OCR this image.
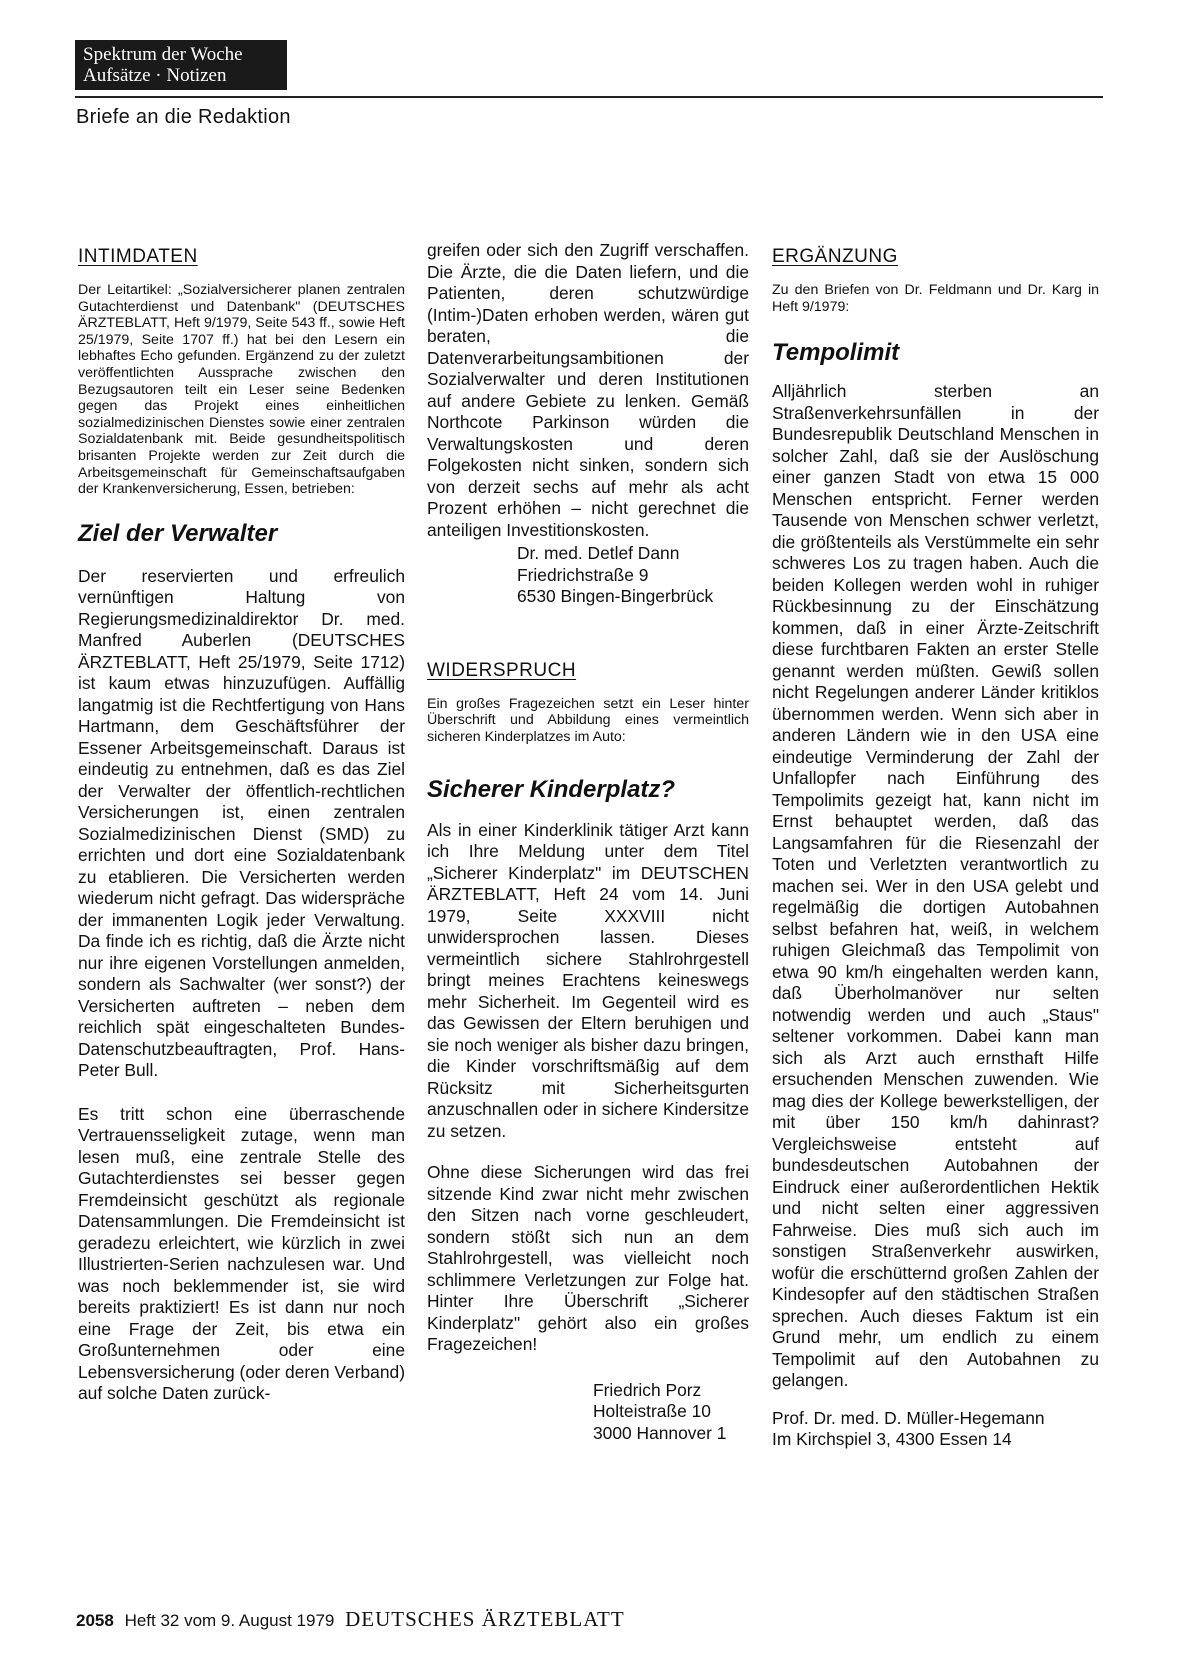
Spektrum der Woche
Aufsätze · Notizen
Briefe an die Redaktion
INTIMDATEN

Der Leitartikel: „Sozialversicherer planen zentralen Gutachterdienst und Datenbank" (DEUTSCHES ÄRZTEBLATT, Heft 9/1979, Seite 543 ff., sowie Heft 25/1979, Seite 1707 ff.) hat bei den Lesern ein lebhaftes Echo gefunden. Ergänzend zu der zuletzt veröffentlichten Aussprache zwischen den Bezugsautoren teilt ein Leser seine Bedenken gegen das Projekt eines einheitlichen sozialmedizinischen Dienstes sowie einer zentralen Sozialdatenbank mit. Beide gesundheitspolitisch brisanten Projekte werden zur Zeit durch die Arbeitsgemeinschaft für Gemeinschaftsaufgaben der Krankenversicherung, Essen, betrieben:

Ziel der Verwalter

Der reservierten und erfreulich vernünftigen Haltung von Regierungsmedizinaldirektor Dr. med. Manfred Auberlen (DEUTSCHES ÄRZTEBLATT, Heft 25/1979, Seite 1712) ist kaum etwas hinzuzufügen. Auffällig langatmig ist die Rechtfertigung von Hans Hartmann, dem Geschäftsführer der Essener Arbeitsgemeinschaft. Daraus ist eindeutig zu entnehmen, daß es das Ziel der Verwalter der öffentlich-rechtlichen Versicherungen ist, einen zentralen Sozialmedizinischen Dienst (SMD) zu errichten und dort eine Sozialdatenbank zu etablieren. Die Versicherten werden wiederum nicht gefragt. Das widerspräche der immanenten Logik jeder Verwaltung. Da finde ich es richtig, daß die Ärzte nicht nur ihre eigenen Vorstellungen anmelden, sondern als Sachwalter (wer sonst?) der Versicherten auftreten – neben dem reichlich spät eingeschalteten Bundes-Datenschutzbeauftragten, Prof. Hans-Peter Bull.

Es tritt schon eine überraschende Vertrauensseligkeit zutage, wenn man lesen muß, eine zentrale Stelle des Gutachterdienstes sei besser gegen Fremdeinsicht geschützt als regionale Datensammlungen. Die Fremdeinsicht ist geradezu erleichtert, wie kürzlich in zwei Illustrierten-Serien nachzulesen war. Und was noch beklemmender ist, sie wird bereits praktiziert! Es ist dann nur noch eine Frage der Zeit, bis etwa ein Großunternehmen oder eine Lebensversicherung (oder deren Verband) auf solche Daten zurück-

greifen oder sich den Zugriff verschaffen. Die Ärzte, die die Daten liefern, und die Patienten, deren schutzwürdige (Intim-)Daten erhoben werden, wären gut beraten, die Datenverarbeitungsambitionen der Sozialverwalter und deren Institutionen auf andere Gebiete zu lenken. Gemäß Northcote Parkinson würden die Verwaltungskosten und deren Folgekosten nicht sinken, sondern sich von derzeit sechs auf mehr als acht Prozent erhöhen – nicht gerechnet die anteiligen Investitionskosten.

Dr. med. Detlef Dann
Friedrichstraße 9
6530 Bingen-Bingerbrück
WIDERSPRUCH

Ein großes Fragezeichen setzt ein Leser hinter Überschrift und Abbildung eines vermeintlich sicheren Kinderplatzes im Auto:

Sicherer Kinderplatz?

Als in einer Kinderklinik tätiger Arzt kann ich Ihre Meldung unter dem Titel „Sicherer Kinderplatz" im DEUTSCHEN ÄRZTEBLATT, Heft 24 vom 14. Juni 1979, Seite XXXVIII nicht unwidersprochen lassen. Dieses vermeintlich sichere Stahlrohrgestell bringt meines Erachtens keineswegs mehr Sicherheit. Im Gegenteil wird es das Gewissen der Eltern beruhigen und sie noch weniger als bisher dazu bringen, die Kinder vorschriftsmäßig auf dem Rücksitz mit Sicherheitsgurten anzuschnallen oder in sichere Kindersitze zu setzen.

Ohne diese Sicherungen wird das frei sitzende Kind zwar nicht mehr zwischen den Sitzen nach vorne geschleudert, sondern stößt sich nun an dem Stahlrohrgestell, was vielleicht noch schlimmere Verletzungen zur Folge hat. Hinter Ihre Überschrift „Sicherer Kinderplatz" gehört also ein großes Fragezeichen!

Friedrich Porz
Holteistraße 10
3000 Hannover 1
ERGÄNZUNG

Zu den Briefen von Dr. Feldmann und Dr. Karg in Heft 9/1979:

Tempolimit

Alljährlich sterben an Straßenverkehrsunfällen in der Bundesrepublik Deutschland Menschen in solcher Zahl, daß sie der Auslöschung einer ganzen Stadt von etwa 15 000 Menschen entspricht. Ferner werden Tausende von Menschen schwer verletzt, die größtenteils als Verstümmelte ein sehr schweres Los zu tragen haben. Auch die beiden Kollegen werden wohl in ruhiger Rückbesinnung zu der Einschätzung kommen, daß in einer Ärzte-Zeitschrift diese furchtbaren Fakten an erster Stelle genannt werden müßten. Gewiß sollen nicht Regelungen anderer Länder kritiklos übernommen werden. Wenn sich aber in anderen Ländern wie in den USA eine eindeutige Verminderung der Zahl der Unfallopfer nach Einführung des Tempolimits gezeigt hat, kann nicht im Ernst behauptet werden, daß das Langsamfahren für die Riesenzahl der Toten und Verletzten verantwortlich zu machen sei. Wer in den USA gelebt und regelmäßig die dortigen Autobahnen selbst befahren hat, weiß, in welchem ruhigen Gleichmaß das Tempolimit von etwa 90 km/h eingehalten werden kann, daß Überholmanöver nur selten notwendig werden und auch „Staus" seltener vorkommen. Dabei kann man sich als Arzt auch ernsthaft Hilfe ersuchenden Menschen zuwenden. Wie mag dies der Kollege bewerkstelligen, der mit über 150 km/h dahinrast? Vergleichsweise entsteht auf bundesdeutschen Autobahnen der Eindruck einer außerordentlichen Hektik und nicht selten einer aggressiven Fahrweise. Dies muß sich auch im sonstigen Straßenverkehr auswirken, wofür die erschütternd großen Zahlen der Kindesopfer auf den städtischen Straßen sprechen. Auch dieses Faktum ist ein Grund mehr, um endlich zu einem Tempolimit auf den Autobahnen zu gelangen.

Prof. Dr. med. D. Müller-Hegemann
Im Kirchspiel 3, 4300 Essen 14
2058 Heft 32 vom 9. August 1979 DEUTSCHES ÄRZTEBLATT
